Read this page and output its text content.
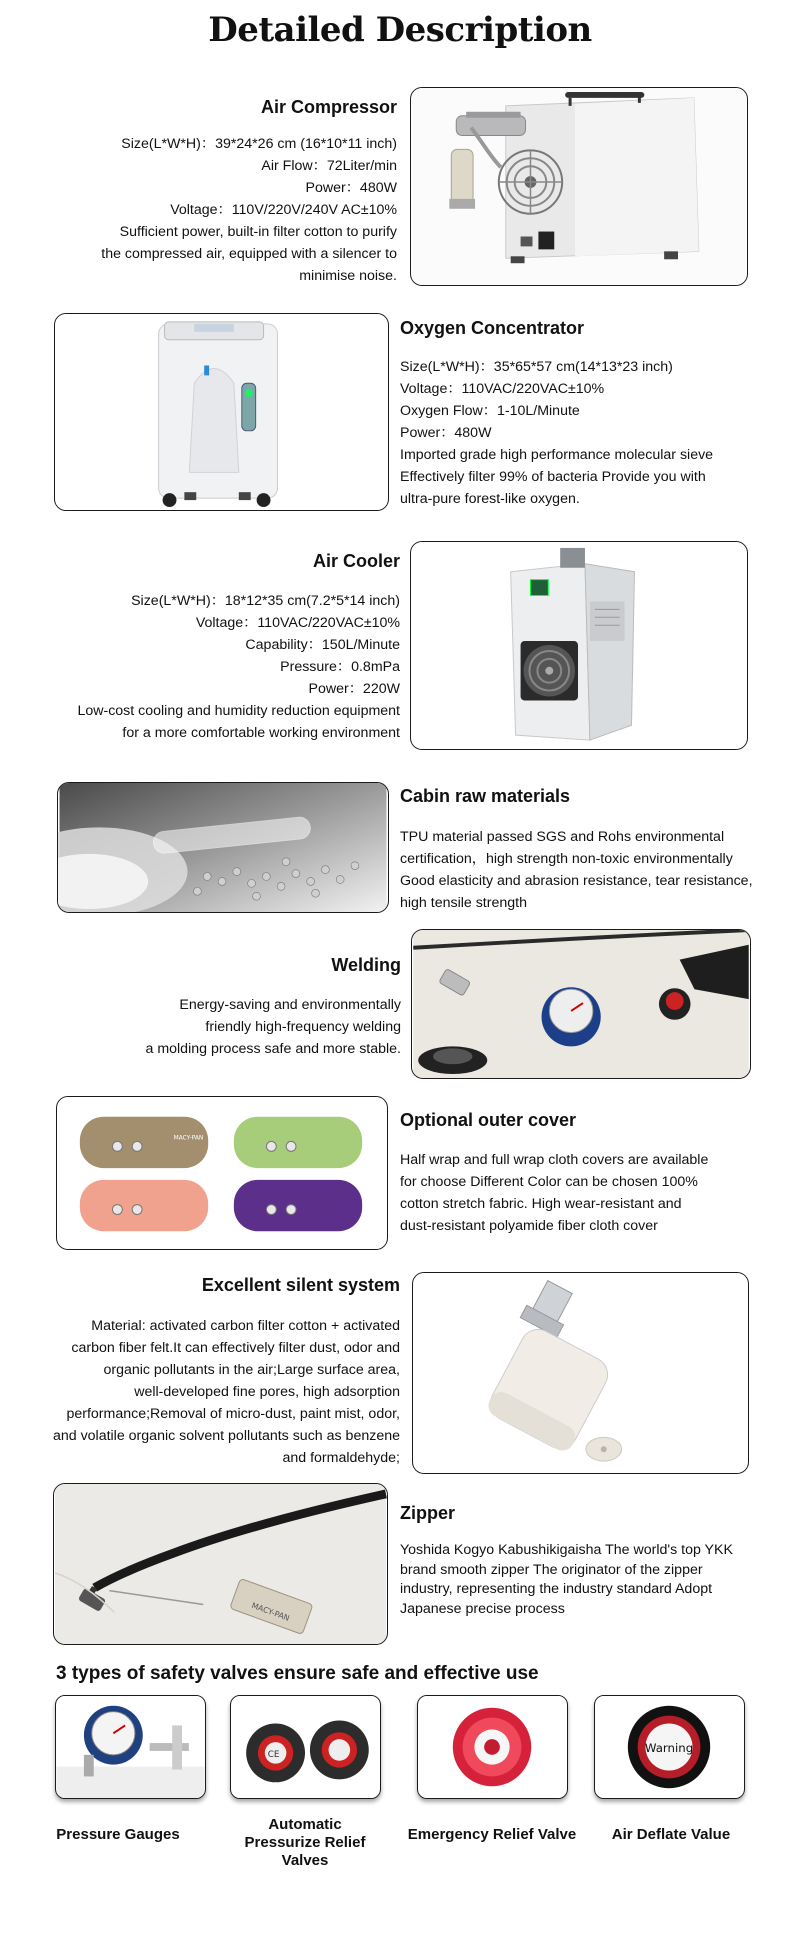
Detailed Description
Air Compressor
Size(L*W*H)：39*24*26 cm (16*10*11 inch)
Air Flow：72Liter/min
Power：480W
Voltage：110V/220V/240V AC±10%
Sufficient power, built-in filter cotton to purify
the compressed air, equipped with a silencer to
minimise noise.
Oxygen Concentrator
Size(L*W*H)：35*65*57 cm(14*13*23 inch)
Voltage：110VAC/220VAC±10%
Oxygen Flow：1-10L/Minute
Power：480W
Imported grade high performance molecular sieve
Effectively filter 99% of bacteria Provide you with
ultra-pure forest-like oxygen.
Air Cooler
Size(L*W*H)：18*12*35 cm(7.2*5*14 inch)
Voltage：110VAC/220VAC±10%
Capability：150L/Minute
Pressure：0.8mPa
Power：220W
Low-cost cooling and humidity reduction equipment
for a more comfortable working environment
Cabin raw materials
TPU material passed SGS and Rohs environmental
certification，high strength non-toxic environmentally
Good elasticity and abrasion resistance, tear resistance,
high tensile strength
Welding
Energy-saving and environmentally
friendly high-frequency welding
a molding process safe and more stable.
MACY-PAN
Optional outer cover
Half wrap and full wrap cloth covers are available
for choose Different Color can be chosen 100%
cotton stretch fabric. High wear-resistant and
dust-resistant polyamide fiber cloth cover
Excellent silent system
Material: activated carbon filter cotton + activated
carbon fiber felt.It can effectively filter dust, odor and
organic pollutants in the air;Large surface area,
well-developed fine pores, high adsorption
performance;Removal of micro-dust, paint mist, odor,
and volatile organic solvent pollutants such as benzene
and formaldehyde;
MACY-PAN
Zipper
Yoshida Kogyo Kabushikigaisha The world's top YKK
brand smooth zipper The originator of the zipper
industry, representing the industry standard Adopt
Japanese precise process
3 types of safety valves ensure safe and effective use
CE	Warning
Pressure Gauges
Automatic
Pressurize Relief Valves
Emergency Relief Valve	Air Deflate Value
